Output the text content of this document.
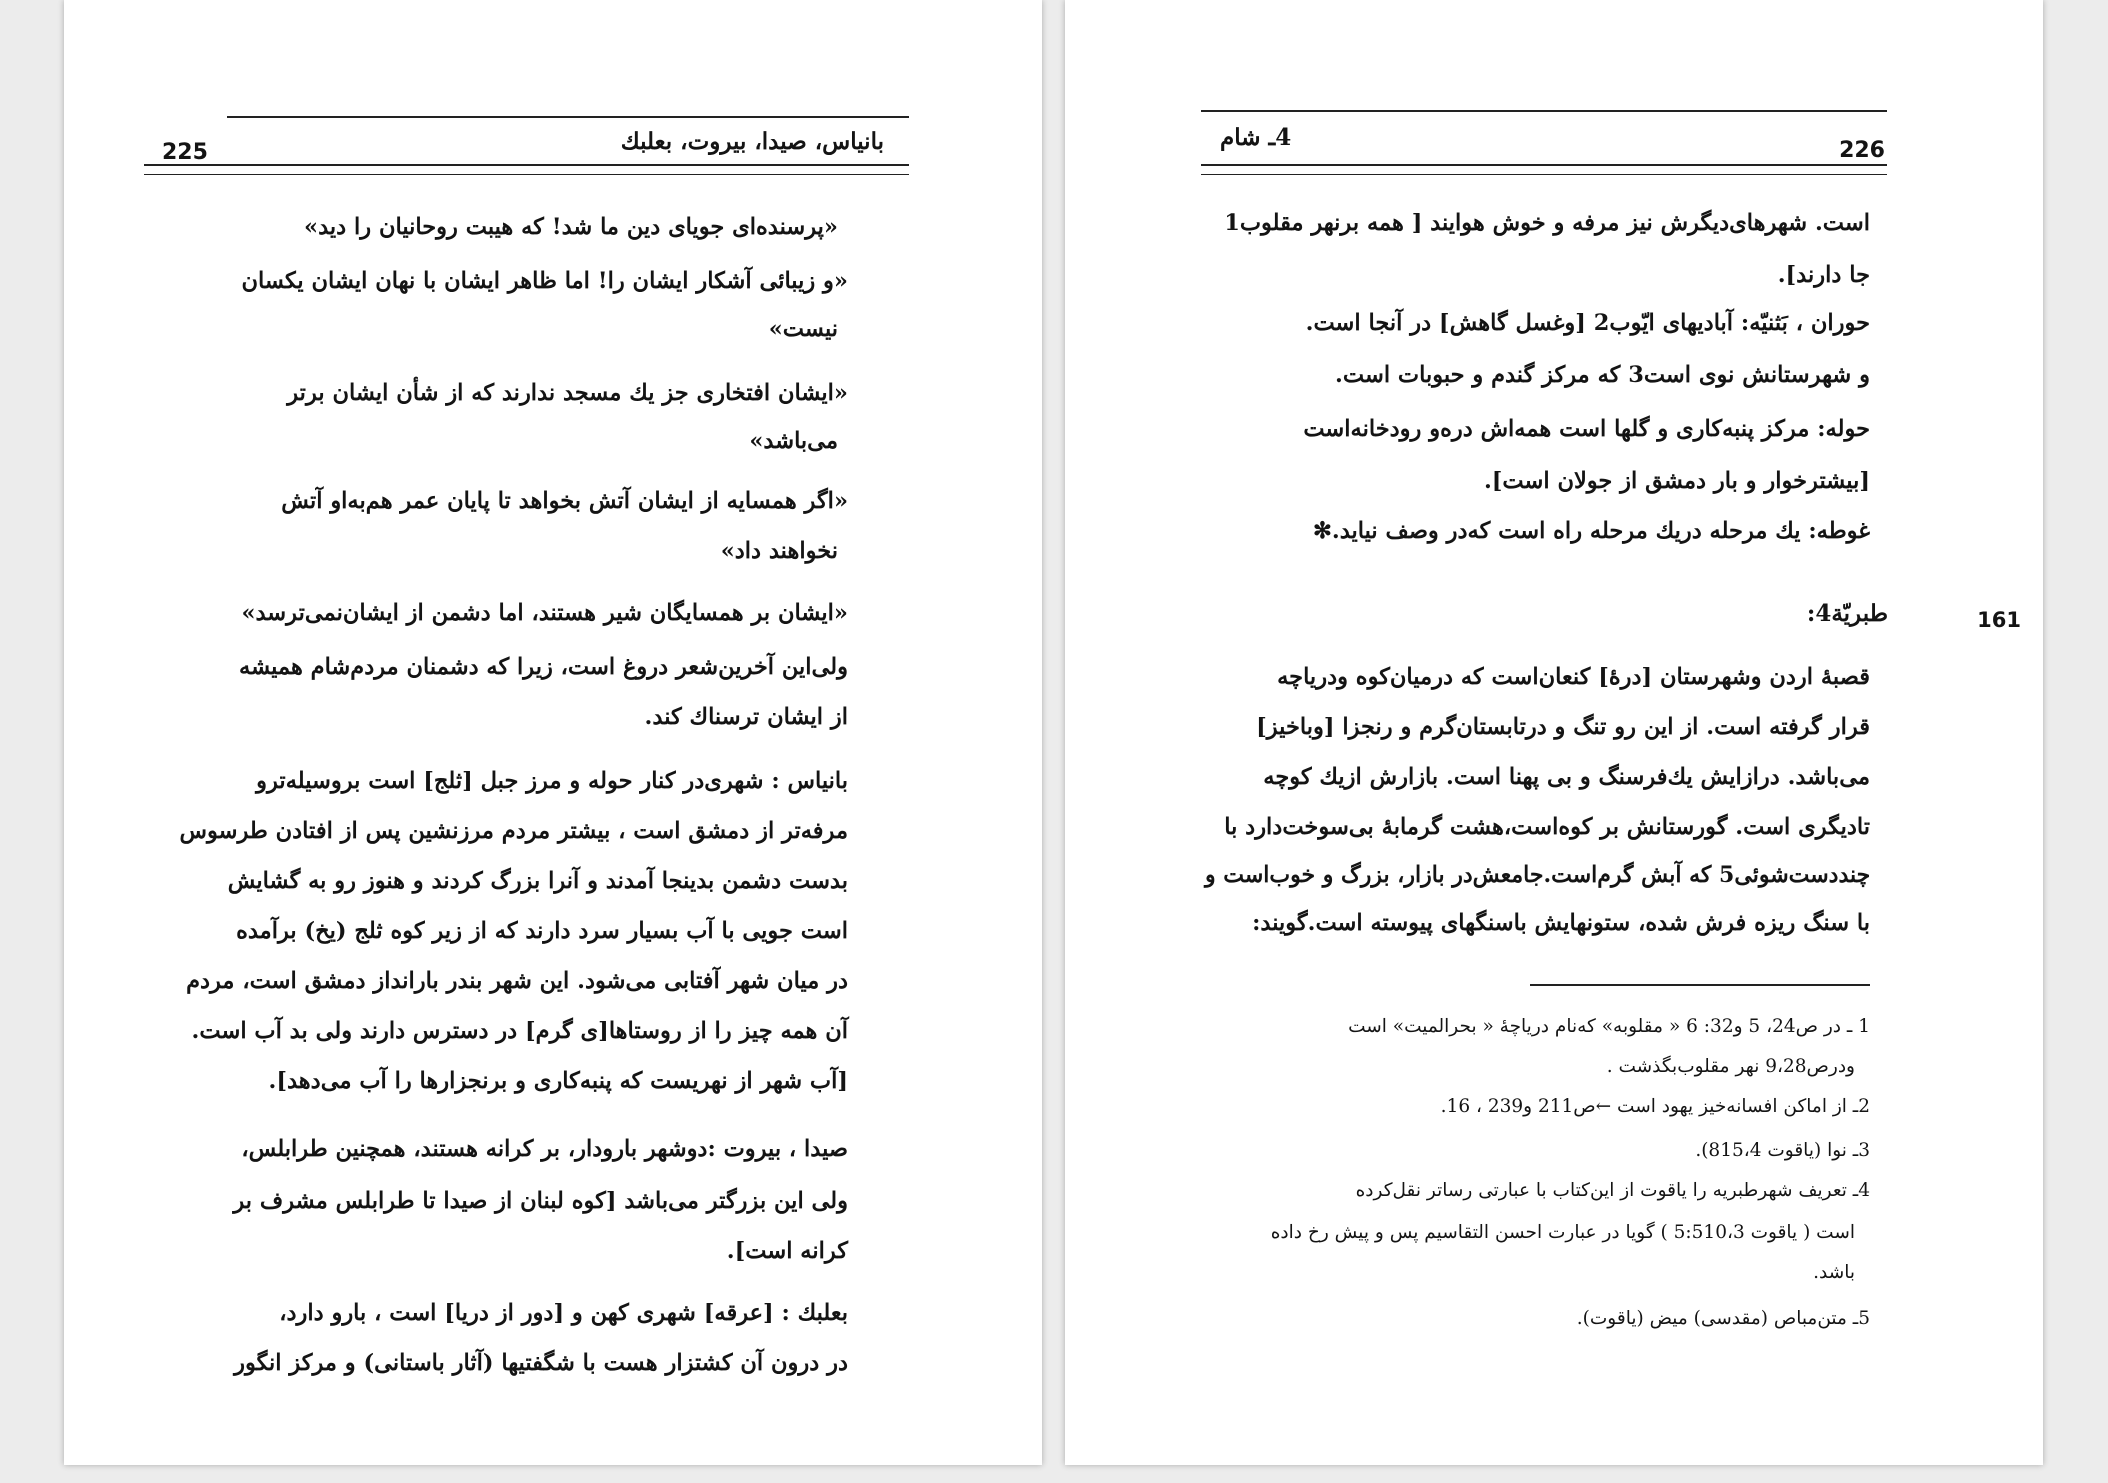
225	بانیاس، صیدا، بیروت، بعلبك
«پرسنده‌ای جویای دین ما شد! که هیبت روحانیان را دید»
«و زیبائی آشکار ایشان را! اما ظاهر ایشان با نهان ایشان یکسان
نیست»
«ایشان افتخاری جز یك مسجد ندارند که از شأن ایشان برتر
می‌باشد»
«اگر همسایه از ایشان آتش بخواهد تا پایان عمر هم‌به‌او آتش
نخواهند داد»
«ایشان بر همسایگان شیر هستند، اما دشمن از ایشان‌نمی‌ترسد»
ولی‌این آخرین‌شعر دروغ است، زیرا که دشمنان مردم‌شام همیشه
از ایشان ترسناك کند.
بانیاس : شهری‌در کنار حوله و مرز جبل [ثلج] است بروسیله‌ترو
مرفه‌تر از دمشق است ، بیشتر مردم مرزنشین پس از افتادن طرسوس
بدست دشمن بدینجا آمدند و آنرا بزرگ کردند و هنوز رو به گشایش
است جویی با آب بسیار سرد دارند که از زیر کوه ثلج (یخ) برآمده
در میان شهر آفتابی می‌شود. این شهر بندر بارانداز دمشق است، مردم
آن همه چیز را از روستاها[ی گرم] در دسترس دارند ولی بد آب است.
[آب شهر از نهریست که پنبه‌کاری و برنجزارها را آب می‌دهد].
صیدا ، بیروت :دوشهر بارودار، بر کرانه هستند، همچنین طرابلس،
ولی این بزرگتر می‌باشد [کوه لبنان از صیدا تا طرابلس مشرف بر
کرانه است].
بعلبك : [عرقه] شهری کهن و [دور از دریا] است ، بارو دارد،
در درون آن کشتزار هست با شگفتیها (آثار باستانی) و مرکز انگور
226
4ـ شام
است. شهرهای‌دیگرش نیز مرفه و خوش هوایند [ همه برنهر مقلوب1
جا دارند].
حوران ، بَثنیّه: آبادیهای ایّوب2 [وغسل گاهش] در آنجا است.
و شهرستانش نوی است3 که مرکز گندم و حبوبات است.
حوله: مرکز پنبه‌کاری و گلها است همه‌اش دره‌و رودخانه‌است
[بیشترخوار و بار دمشق از جولان است].
غوطه: یك مرحله دریك مرحله راه است که‌در وصف نیاید.✻
161
طبریّة4:
قصبهٔ اردن وشهرستان [درهٔ] کنعان‌است که درمیان‌کوه ودریاچه
قرار گرفته است. از این رو تنگ و درتابستان‌گرم و رنجزا [وباخیز]
می‌باشد. درازایش یك‌فرسنگ و بی پهنا است. بازارش ازیك کوچه
تادیگری است. گورستانش بر کوه‌است،هشت گرمابهٔ بی‌سوخت‌دارد با
چنددست‌شوئی5 که آبش گرم‌است.جامعش‌در بازار، بزرگ و خوب‌است و
با سنگ ریزه فرش شده، ستونهایش باسنگهای پیوسته است.گویند:
1 ـ در ص24، 5 و32: 6 « مقلوبه» که‌نام دریاچهٔ « بحرالمیت» است
ودرص9،28 نهر مقلوب‌بگذشت .
2ـ از اماکن افسانه‌خیز یهود است ←ص211 و239 ، 16.
3ـ نوا (یاقوت 815،4).
4ـ تعریف شهرطبریه را یاقوت از این‌کتاب با عبارتی رساتر نقل‌کرده
است ( یاقوت 5:510،3 ) گویا در عبارت احسن التقاسیم پس و پیش رخ داده
باشد.
5ـ متن‌مباص (مقدسی) میض (یاقوت).
